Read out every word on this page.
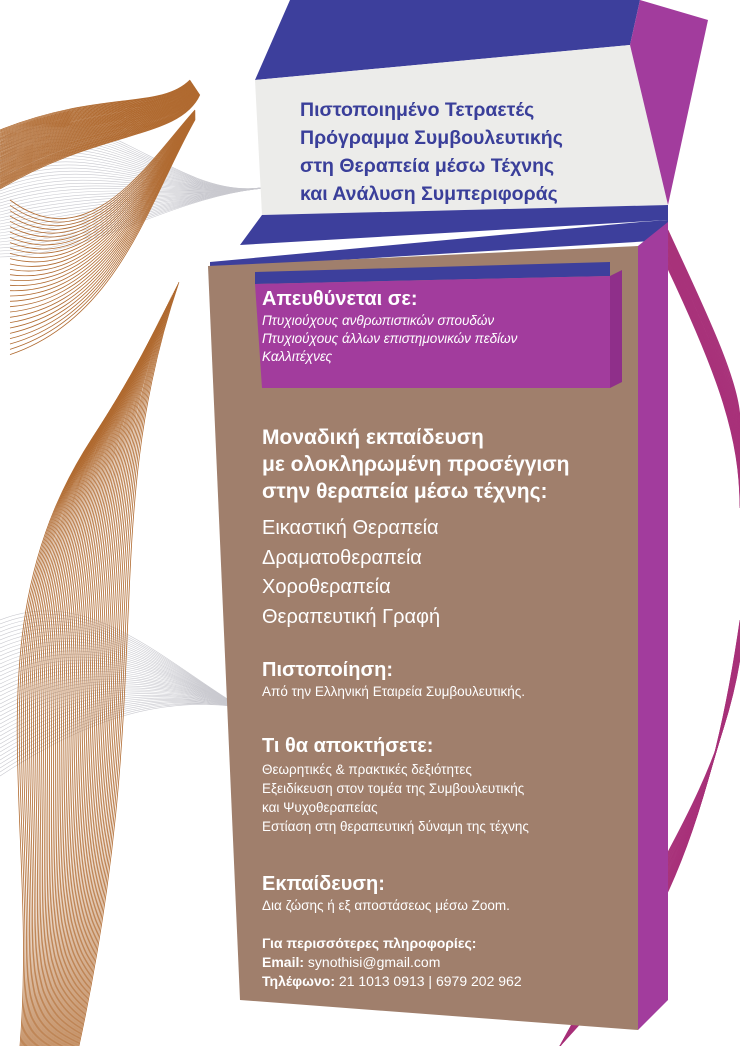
Πιστοποιημένο Τετραετές
Πρόγραμμα Συμβουλευτικής
στη Θεραπεία μέσω Τέχνης
και Ανάλυση Συμπεριφοράς
Απευθύνεται σε:
Πτυχιούχους ανθρωπιστικών σπουδών
Πτυχιούχους άλλων επιστημονικών πεδίων
Καλλιτέχνες
Μοναδική εκπαίδευση
με ολοκληρωμένη προσέγγιση
στην θεραπεία μέσω τέχνης:
Εικαστική Θεραπεία
Δραματοθεραπεία
Χοροθεραπεία
Θεραπευτική Γραφή
Πιστοποίηση:
Από την Ελληνική Εταιρεία Συμβουλευτικής.
Τι θα αποκτήσετε:
Θεωρητικές & πρακτικές δεξιότητες
Εξειδίκευση στον τομέα της Συμβουλευτικής
και Ψυχοθεραπείας
Εστίαση στη θεραπευτική δύναμη της τέχνης
Εκπαίδευση:
Δια ζώσης ή εξ αποστάσεως μέσω Zoom.
Για περισσότερες πληροφορίες:
Email: synothisi@gmail.com
Τηλέφωνο: 21 1013 0913 | 6979 202 962
